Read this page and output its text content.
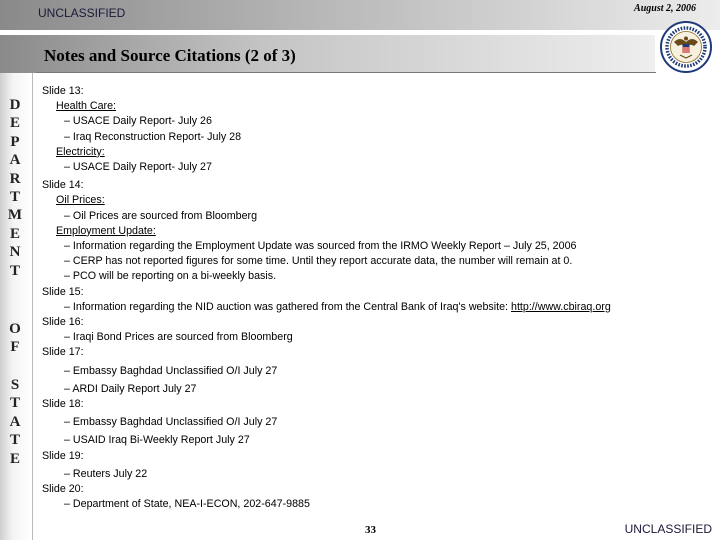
UNCLASSIFIED	August 2, 2006
Notes and Source Citations (2 of 3)
D
E
P
A
R
T
M
E
N
T
O
F
S
T
A
T
E
Slide 13:
Health Care:
– USACE Daily Report- July 26
– Iraq Reconstruction Report- July 28
Electricity:
– USACE Daily Report- July 27
Slide 14:
Oil Prices:
– Oil Prices are sourced from Bloomberg
Employment Update:
– Information regarding the Employment Update was sourced from the IRMO Weekly Report – July 25, 2006
– CERP has not reported figures for some time. Until they report accurate data, the number will remain at 0.
– PCO will be reporting on a bi-weekly basis.
Slide 15:
– Information regarding the NID auction was gathered from the Central Bank of Iraq's website: http://www.cbiraq.org
Slide 16:
– Iraqi Bond Prices are sourced from Bloomberg
Slide 17:
– Embassy Baghdad Unclassified O/I July 27
– ARDI Daily Report July 27
Slide 18:
– Embassy Baghdad Unclassified O/I July 27
– USAID Iraq Bi-Weekly Report July 27
Slide 19:
– Reuters July 22
Slide 20:
– Department of State, NEA-I-ECON, 202-647-9885
33	UNCLASSIFIED
